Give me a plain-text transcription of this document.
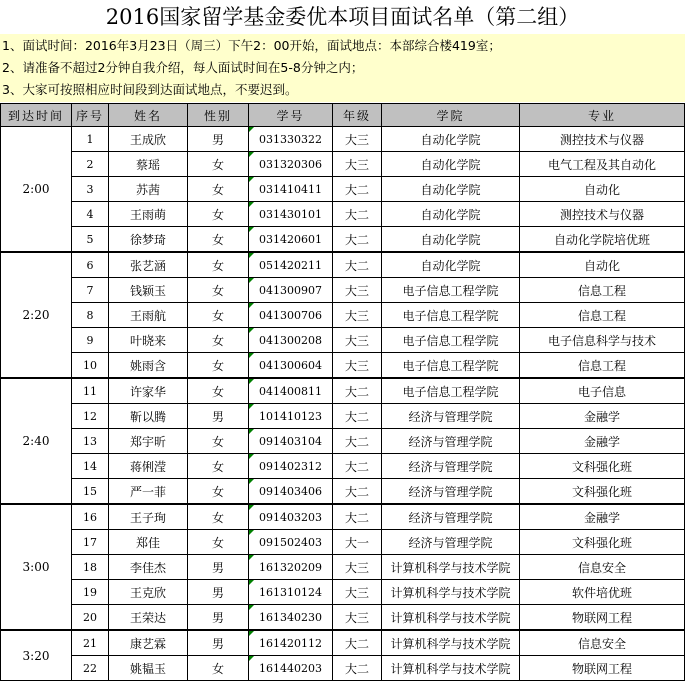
2016国家留学基金委优本项目面试名单（第二组）
1、面试时间：2016年3月23日（周三）下午2：00开始，面试地点：本部综合楼419室；
2、请准备不超过2分钟自我介绍，每人面试时间在5-8分钟之内；
3、大家可按照相应时间段到达面试地点，不要迟到。
到达时间	序号	姓名	性别	学号	年级	学院	专业
2:00	1	王成欣	男	031330322	大三	自动化学院	测控技术与仪器
	2	蔡瑶	女	031320306	大三	自动化学院	电气工程及其自动化
	3	苏茜	女	031410411	大二	自动化学院	自动化
	4	王雨萌	女	031430101	大二	自动化学院	测控技术与仪器
	5	徐梦琦	女	031420601	大二	自动化学院	自动化学院培优班
2:20	6	张艺涵	女	051420211	大二	自动化学院	自动化
	7	钱颖玉	女	041300907	大三	电子信息工程学院	信息工程
	8	王雨航	女	041300706	大三	电子信息工程学院	信息工程
	9	叶晓来	女	041300208	大三	电子信息工程学院	电子信息科学与技术
	10	姚雨含	女	041300604	大三	电子信息工程学院	信息工程
2:40	11	许家华	女	041400811	大二	电子信息工程学院	电子信息
	12	靳以腾	男	101410123	大二	经济与管理学院	金融学
	13	郑宇昕	女	091403104	大二	经济与管理学院	金融学
	14	蒋俐滢	女	091402312	大二	经济与管理学院	文科强化班
	15	严一菲	女	091403406	大二	经济与管理学院	文科强化班
3:00	16	王子珣	女	091403203	大二	经济与管理学院	金融学
	17	郑佳	女	091502403	大一	经济与管理学院	文科强化班
	18	李佳杰	男	161320209	大三	计算机科学与技术学院	信息安全
	19	王克欣	男	161310124	大三	计算机科学与技术学院	软件培优班
	20	王荣达	男	161340230	大三	计算机科学与技术学院	物联网工程
3:20	21	康艺霖	男	161420112	大二	计算机科学与技术学院	信息安全
	22	姚韫玉	女	161440203	大二	计算机科学与技术学院	物联网工程
